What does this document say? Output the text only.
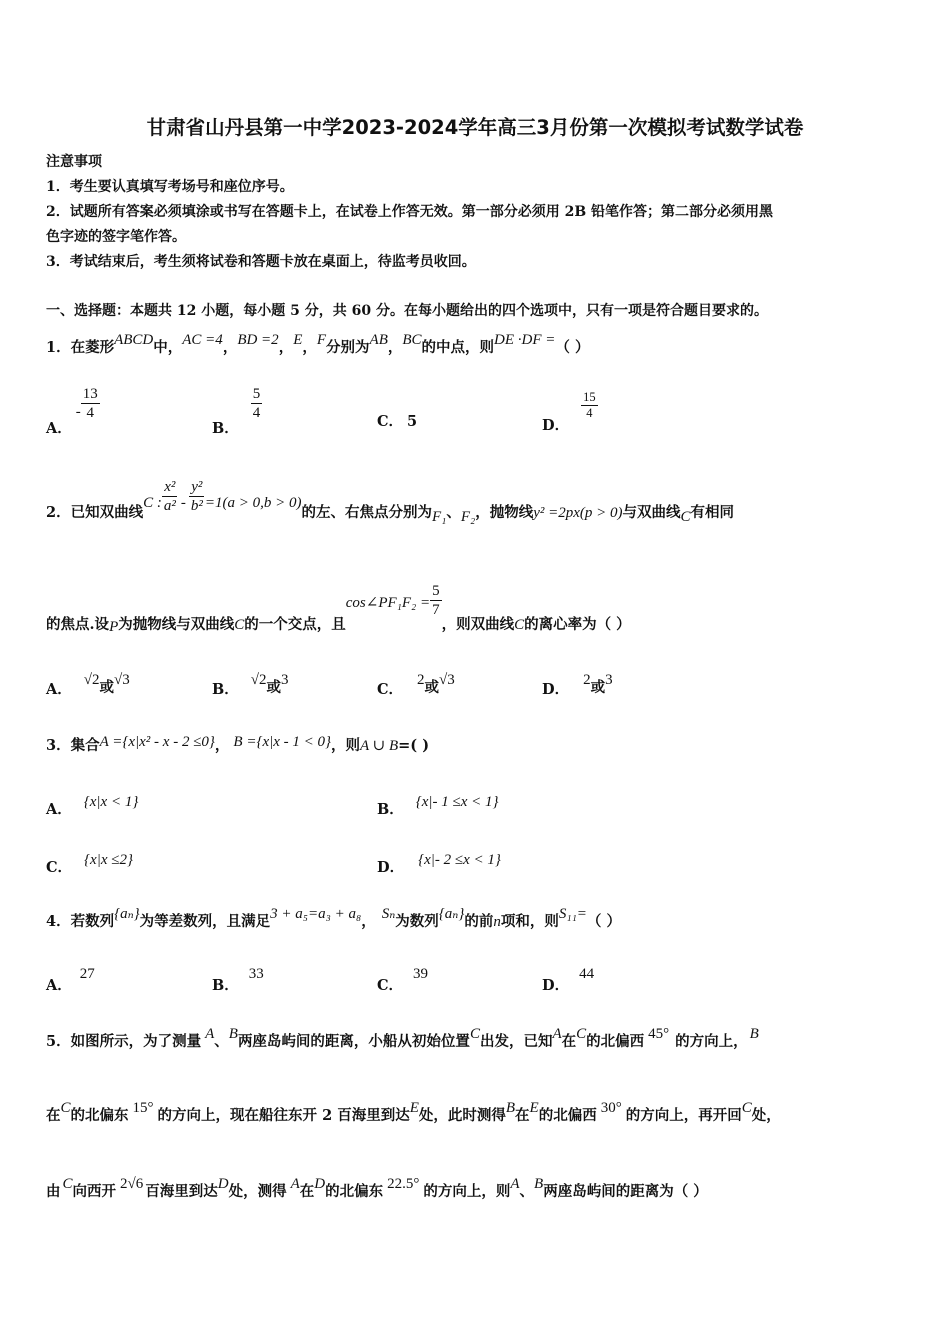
甘肃省山丹县第一中学2023-2024学年高三3月份第一次模拟考试数学试卷
注意事项
1．考生要认真填写考场号和座位序号。
2．试题所有答案必须填涂或书写在答题卡上，在试卷上作答无效。第一部分必须用 2B 铅笔作答；第二部分必须用黑
色字迹的签字笔作答。
3．考试结束后，考生须将试卷和答题卡放在桌面上，待监考员收回。
一、选择题：本题共 12 小题，每小题 5 分，共 60 分。在每小题给出的四个选项中，只有一项是符合题目要求的。
1．在菱形ABCD中，AC =4，BD =2，E，F分别为AB，BC的中点，则DE ·DF =（ ）
A．- $\frac{13}{4}$
B．
$\frac{5}{4}$	C． 5	D．
$\frac{15}{4}$
2．已知双曲线C : $\frac{\text{x²}}{\text{a²}} - \frac{\text{y²}}{\text{b²}} =1(a > 0,b > 0)$的左、右焦点分别为F₁、F₂，抛物线y² =2px(p > 0)与双曲线C有相同
的焦点.设P为抛物线与双曲线C的一个交点，且cos∠PF₁F₂ = $\frac{5}{7}$
，则双曲线C的离心率为（ ）
A．√2或√3
B．√2或3
C．2或√3
D．2或3
3．集合A ={x|x² - x - 2 ≤0}， B ={x|x - 1 < 0}，则A ∪ B=( )
A． {x|x < 1}	B． {x|- 1 ≤x < 1}
C． {x|x ≤2}	D． {x|- 2 ≤x < 1}
4．若数列{aₙ}为等差数列，且满足3 + a₅=a₃ + a₈， Sₙ为数列{aₙ}的前n项和，则S₁₁=（ ）
A．27
B．33
C．39
D．44
5．如图所示，为了测量 A、B两座岛屿间的距离，小船从初始位置C出发，已知A在C的北偏西 45° 的方向上， B
在C的北偏东 15° 的方向上，现在船往东开 2 百海里到达E处，此时测得B在E的北偏西 30° 的方向上，再开回C处，
由 C向西开 2√6 百海里到达D处，测得 A在D的北偏东 22.5° 的方向上，则A、B两座岛屿间的距离为（ ）
